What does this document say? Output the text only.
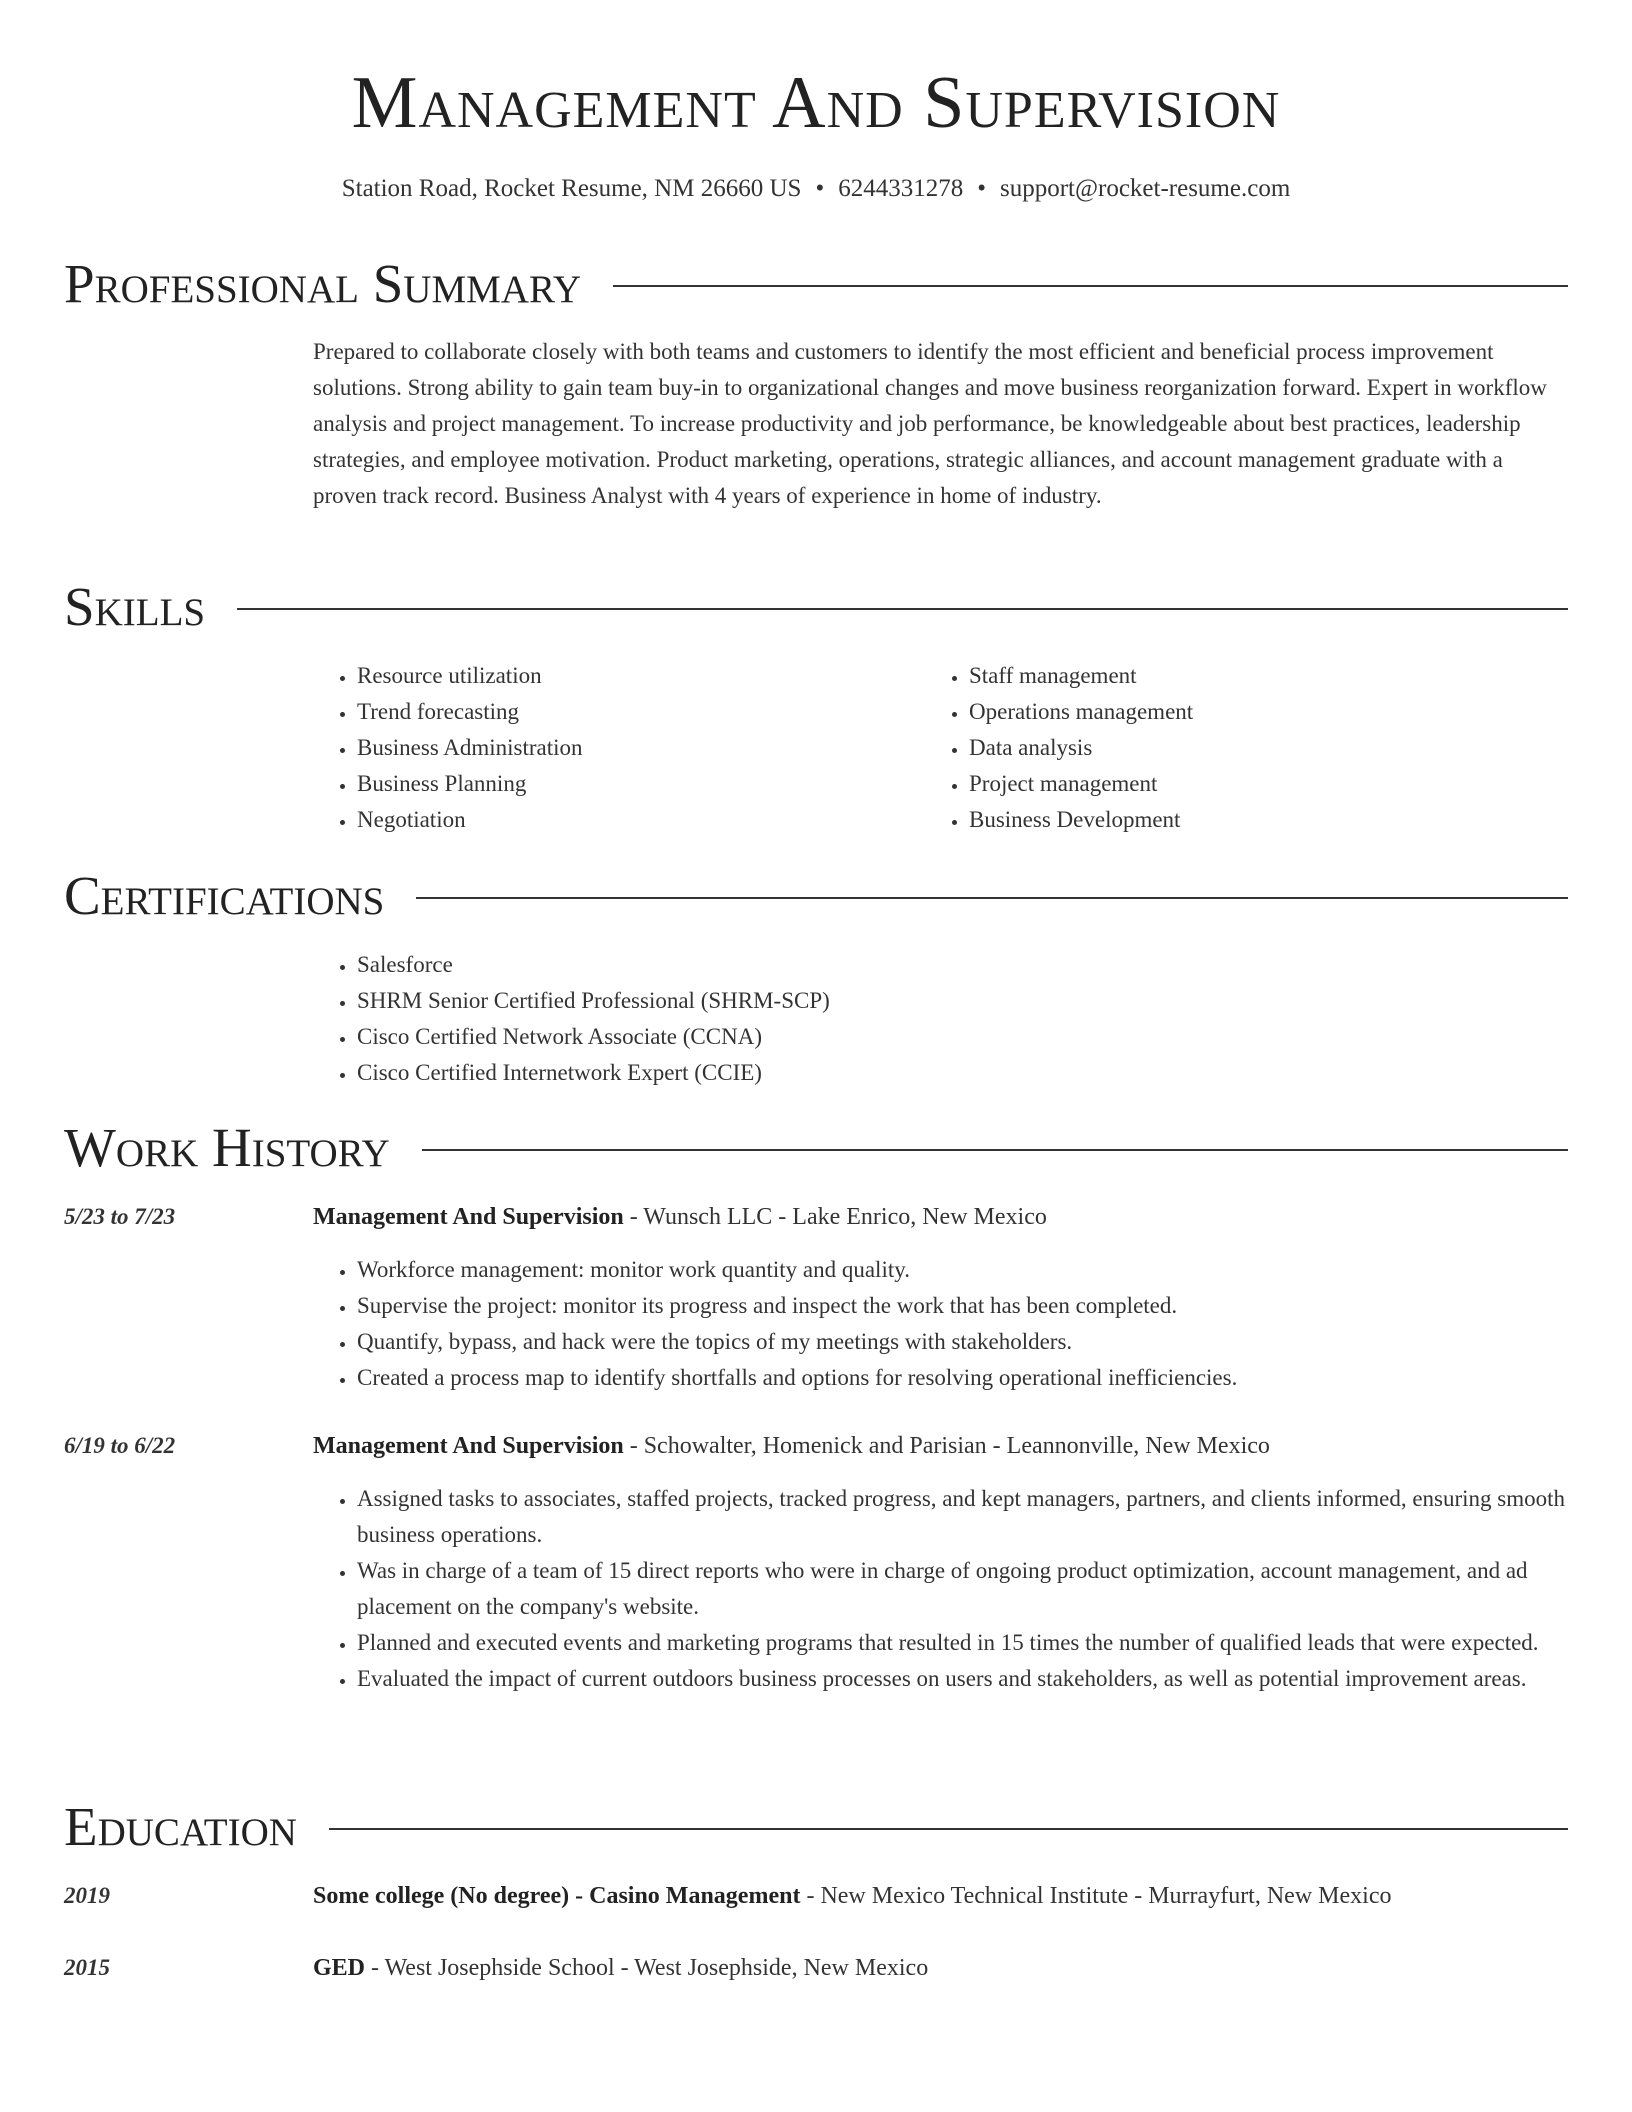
Management And Supervision
Station Road, Rocket Resume, NM 26660 US • 6244331278 • support@rocket-resume.com
Professional Summary
Prepared to collaborate closely with both teams and customers to identify the most efficient and beneficial process improvement solutions. Strong ability to gain team buy-in to organizational changes and move business reorganization forward. Expert in workflow analysis and project management. To increase productivity and job performance, be knowledgeable about best practices, leadership strategies, and employee motivation. Product marketing, operations, strategic alliances, and account management graduate with a proven track record. Business Analyst with 4 years of experience in home of industry.
Skills
• Resource utilization
• Trend forecasting
• Business Administration
• Business Planning
• Negotiation
• Staff management
• Operations management
• Data analysis
• Project management
• Business Development
Certifications
• Salesforce
• SHRM Senior Certified Professional (SHRM-SCP)
• Cisco Certified Network Associate (CCNA)
• Cisco Certified Internetwork Expert (CCIE)
Work History
5/23 to 7/23	Management And Supervision - Wunsch LLC - Lake Enrico, New Mexico
• Workforce management: monitor work quantity and quality.
• Supervise the project: monitor its progress and inspect the work that has been completed.
• Quantify, bypass, and hack were the topics of my meetings with stakeholders.
• Created a process map to identify shortfalls and options for resolving operational inefficiencies.
6/19 to 6/22	Management And Supervision - Schowalter, Homenick and Parisian - Leannonville, New Mexico
• Assigned tasks to associates, staffed projects, tracked progress, and kept managers, partners, and clients informed, ensuring smooth business operations.
• Was in charge of a team of 15 direct reports who were in charge of ongoing product optimization, account management, and ad placement on the company's website.
• Planned and executed events and marketing programs that resulted in 15 times the number of qualified leads that were expected.
• Evaluated the impact of current outdoors business processes on users and stakeholders, as well as potential improvement areas.
Education
2019	Some college (No degree) - Casino Management - New Mexico Technical Institute - Murrayfurt, New Mexico
2015	GED - West Josephside School - West Josephside, New Mexico
